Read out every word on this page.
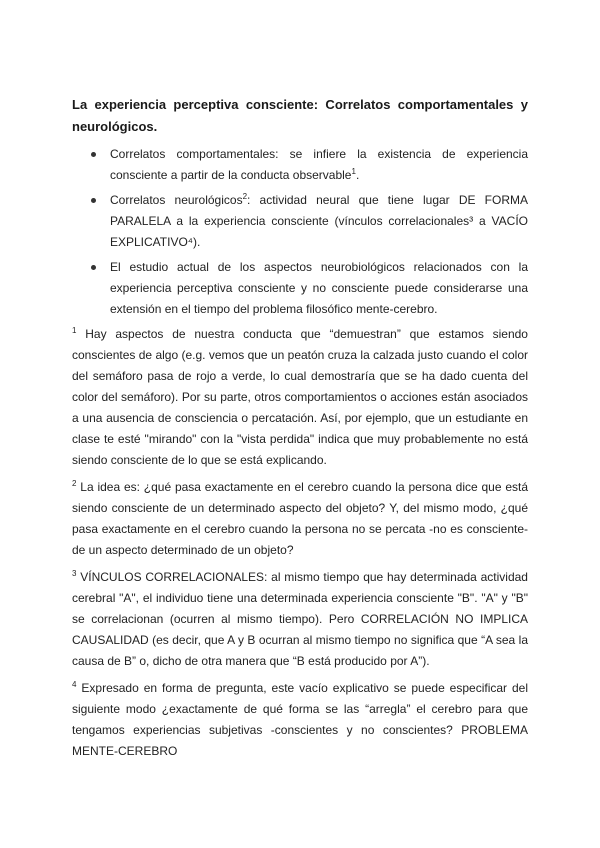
La experiencia perceptiva consciente: Correlatos comportamentales y neurológicos.
Correlatos comportamentales: se infiere la existencia de experiencia consciente a partir de la conducta observable$^1$.
Correlatos neurológicos$^2$: actividad neural que tiene lugar DE FORMA PARALELA a la experiencia consciente (vínculos correlacionales³ a VACÍO EXPLICATIVO⁴).
El estudio actual de los aspectos neurobiológicos relacionados con la experiencia perceptiva consciente y no consciente puede considerarse una extensión en el tiempo del problema filosófico mente-cerebro.

$^1$ Hay aspectos de nuestra conducta que “demuestran” que estamos siendo conscientes de algo (e.g. vemos que un peatón cruza la calzada justo cuando el color del semáforo pasa de rojo a verde, lo cual demostraría que se ha dado cuenta del color del semáforo). Por su parte, otros comportamientos o acciones están asociados a una ausencia de consciencia o percatación. Así, por ejemplo, que un estudiante en clase te esté "mirando" con la "vista perdida" indica que muy probablemente no está siendo consciente de lo que se está explicando.

$^2$ La idea es: ¿qué pasa exactamente en el cerebro cuando la persona dice que está siendo consciente de un determinado aspecto del objeto? Y, del mismo modo, ¿qué pasa exactamente en el cerebro cuando la persona no se percata -no es consciente- de un aspecto determinado de un objeto?

$^3$ VÍNCULOS CORRELACIONALES: al mismo tiempo que hay determinada actividad cerebral "A", el individuo tiene una determinada experiencia consciente "B". "A" y "B" se correlacionan (ocurren al mismo tiempo). Pero CORRELACIÓN NO IMPLICA CAUSALIDAD (es decir, que A y B ocurran al mismo tiempo no significa que “A sea la causa de B” o, dicho de otra manera que “B está producido por A”).

$^4$ Expresado en forma de pregunta, este vacío explicativo se puede especificar del siguiente modo ¿exactamente de qué forma se las “arregla” el cerebro para que tengamos experiencias subjetivas -conscientes y no conscientes? PROBLEMA MENTE-CEREBRO
